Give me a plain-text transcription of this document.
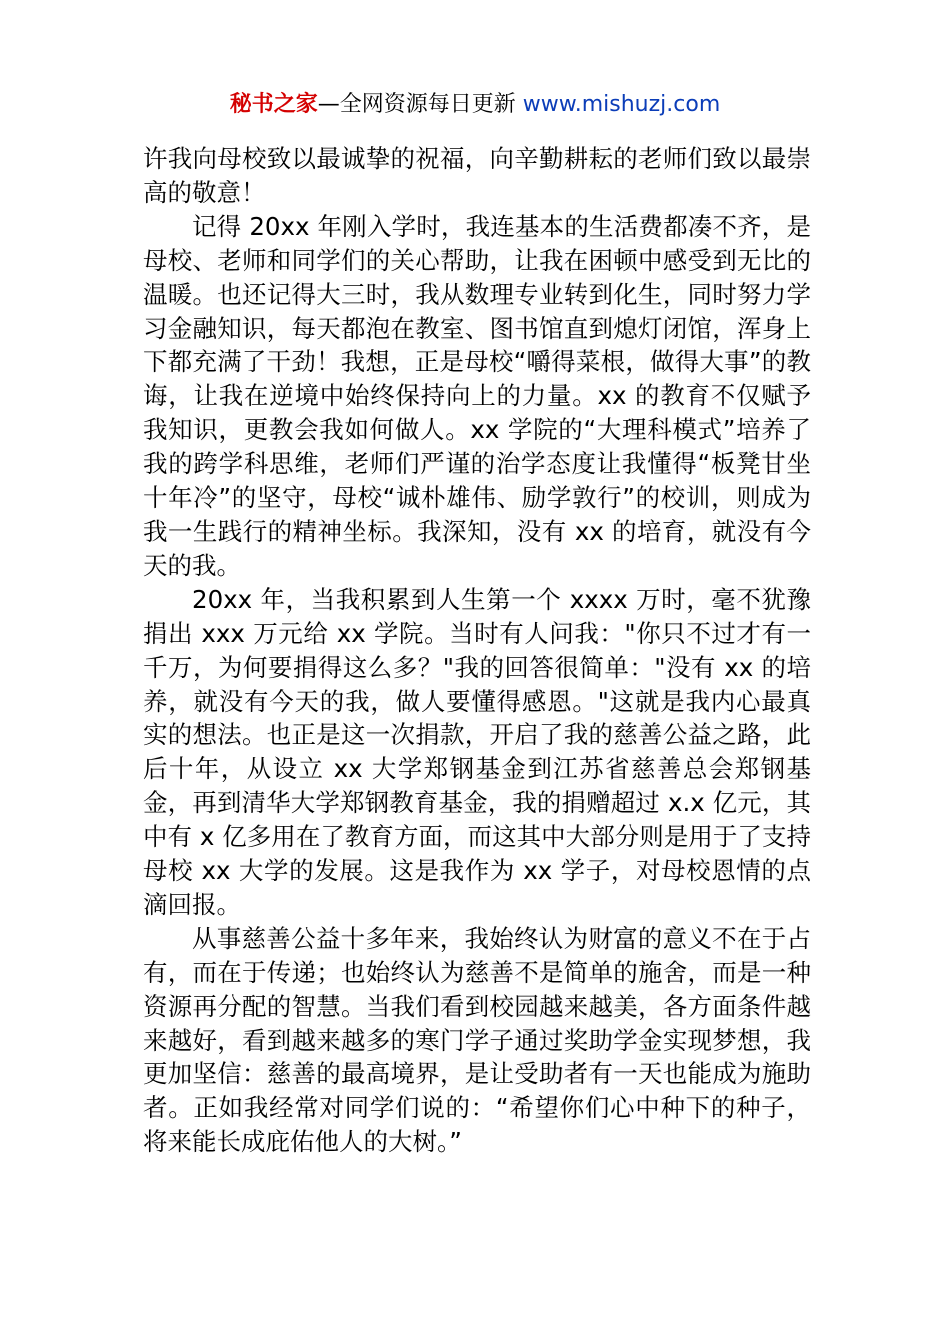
秘书之家—全网资源每日更新 www.mishuzj.com

许我向母校致以最诚挚的祝福，向辛勤耕耘的老师们致以最崇高的敬意！

记得 20xx 年刚入学时，我连基本的生活费都凑不齐，是母校、老师和同学们的关心帮助，让我在困顿中感受到无比的温暖。也还记得大三时，我从数理专业转到化生，同时努力学习金融知识，每天都泡在教室、图书馆直到熄灯闭馆，浑身上下都充满了干劲！我想，正是母校“嚼得菜根，做得大事”的教诲，让我在逆境中始终保持向上的力量。xx 的教育不仅赋予我知识，更教会我如何做人。xx 学院的“大理科模式”培养了我的跨学科思维，老师们严谨的治学态度让我懂得“板凳甘坐十年冷”的坚守，母校“诚朴雄伟、励学敦行”的校训，则成为我一生践行的精神坐标。我深知，没有 xx 的培育，就没有今天的我。

20xx 年，当我积累到人生第一个 xxxx 万时，毫不犹豫捐出 xxx 万元给 xx 学院。当时有人问我："你只不过才有一千万，为何要捐得这么多？"我的回答很简单："没有 xx 的培养，就没有今天的我，做人要懂得感恩。"这就是我内心最真实的想法。也正是这一次捐款，开启了我的慈善公益之路，此后十年，从设立 xx 大学郑钢基金到江苏省慈善总会郑钢基金，再到清华大学郑钢教育基金，我的捐赠超过 x.x 亿元，其中有 x 亿多用在了教育方面，而这其中大部分则是用于了支持母校 xx 大学的发展。这是我作为 xx 学子，对母校恩情的点滴回报。

从事慈善公益十多年来，我始终认为财富的意义不在于占有，而在于传递；也始终认为慈善不是简单的施舍，而是一种资源再分配的智慧。当我们看到校园越来越美，各方面条件越来越好，看到越来越多的寒门学子通过奖助学金实现梦想，我更加坚信：慈善的最高境界，是让受助者有一天也能成为施助者。正如我经常对同学们说的：“希望你们心中种下的种子，将来能长成庇佑他人的大树。”
